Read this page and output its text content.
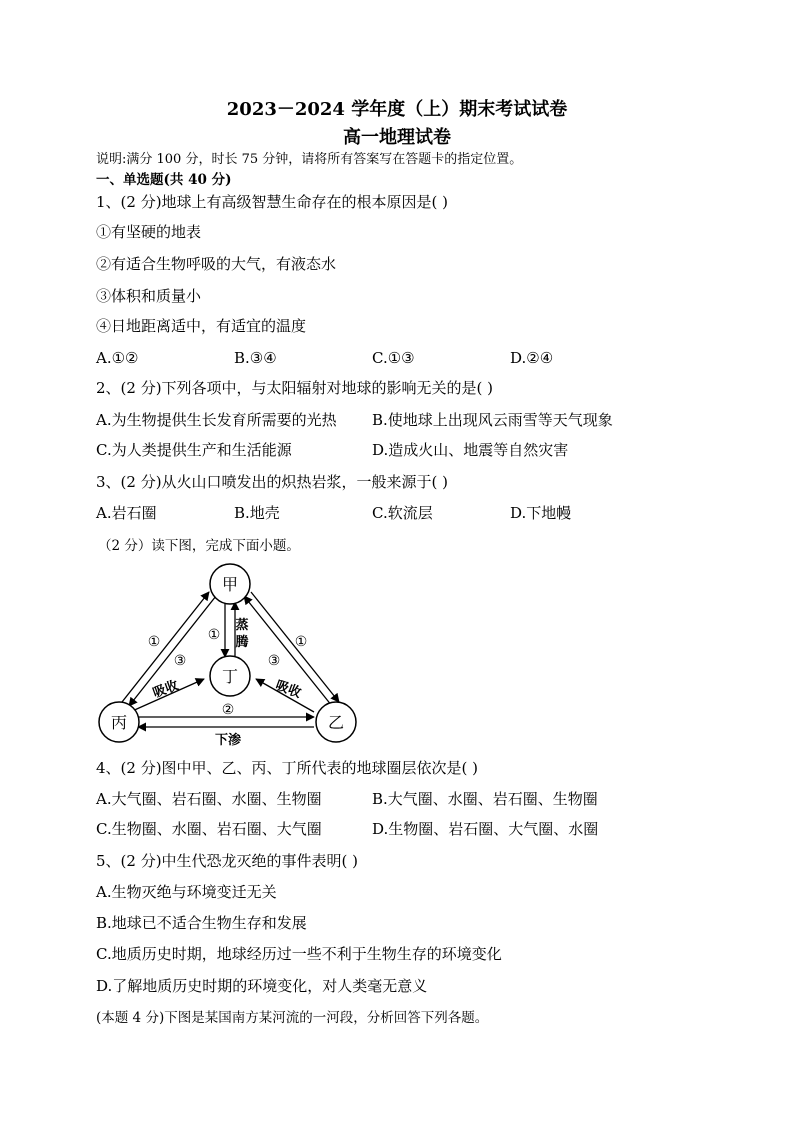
2023－2024 学年度（上）期末考试试卷
高一地理试卷
说明:满分 100 分，时长 75 分钟，请将所有答案写在答题卡的指定位置。
一、单选题(共 40 分)
1、(2 分)地球上有高级智慧生命存在的根本原因是( )
①有坚硬的地表
②有适合生物呼吸的大气，有液态水
③体积和质量小
④日地距离适中，有适宜的温度
A.①②	B.③④	C.①③	D.②④
2、(2 分)下列各项中，与太阳辐射对地球的影响无关的是( )
A.为生物提供生长发育所需要的光热 B.使地球上出现风云雨雪等天气现象
C.为人类提供生产和生活能源	D.造成火山、地震等自然灾害
3、(2 分)从火山口喷发出的炽热岩浆，一般来源于( )
A.岩石圈	B.地壳	C.软流层	D.下地幔
（2 分）读下图，完成下面小题。
甲
丁
丙	乙
①
③
①	①
③
②
蒸
腾
吸收	吸收
下渗
4、(2 分)图中甲、乙、丙、丁所代表的地球圈层依次是( )
A.大气圈、岩石圈、水圈、生物圈	B.大气圈、水圈、岩石圈、生物圈
C.生物圈、水圈、岩石圈、大气圈	D.生物圈、岩石圈、大气圈、水圈
5、(2 分)中生代恐龙灭绝的事件表明( )
A.生物灭绝与环境变迁无关
B.地球已不适合生物生存和发展
C.地质历史时期，地球经历过一些不利于生物生存的环境变化
D.了解地质历史时期的环境变化，对人类毫无意义
(本题 4 分)下图是某国南方某河流的一河段，分析回答下列各题。
